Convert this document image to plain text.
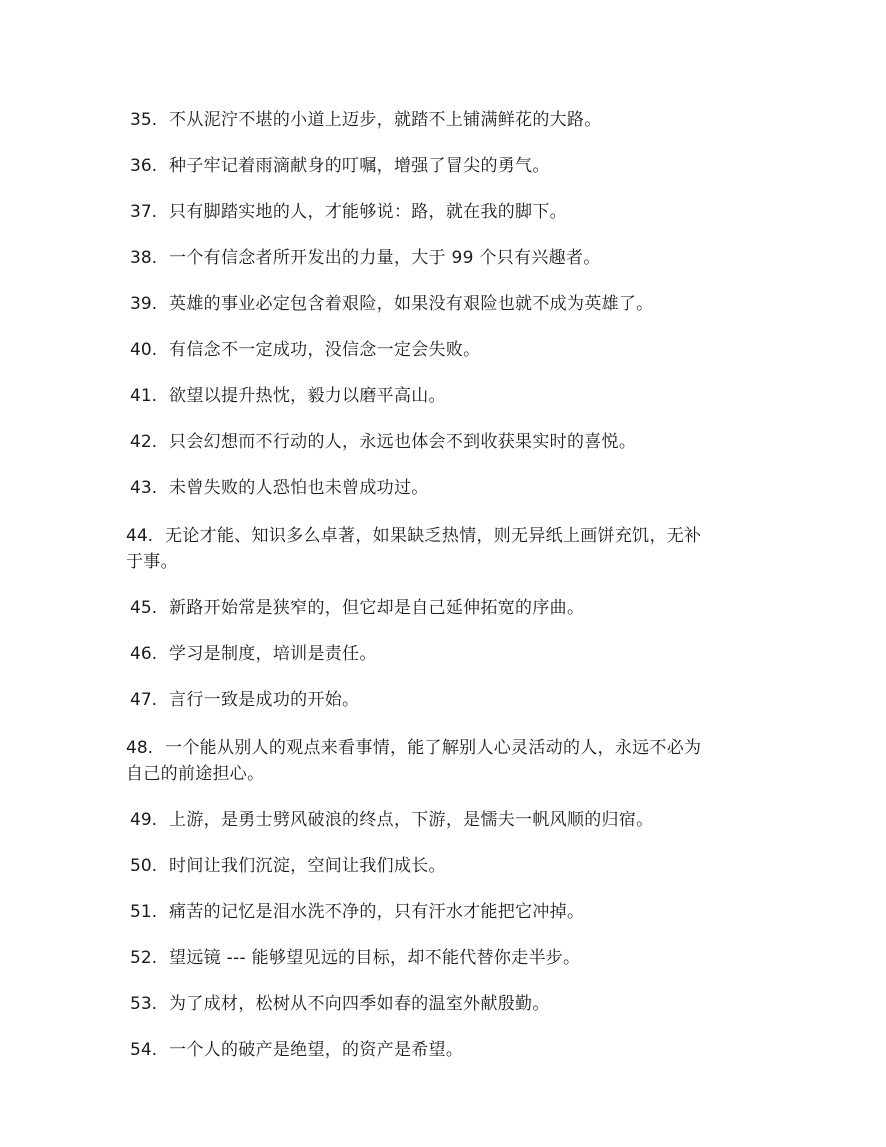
35. 不从泥泞不堪的小道上迈步，就踏不上铺满鲜花的大路。
36. 种子牢记着雨滴献身的叮嘱，增强了冒尖的勇气。
37. 只有脚踏实地的人，才能够说：路，就在我的脚下。
38. 一个有信念者所开发出的力量，大于 99 个只有兴趣者。
39. 英雄的事业必定包含着艰险，如果没有艰险也就不成为英雄了。
40. 有信念不一定成功，没信念一定会失败。
41. 欲望以提升热忱，毅力以磨平高山。
42. 只会幻想而不行动的人，永远也体会不到收获果实时的喜悦。
43. 未曾失败的人恐怕也未曾成功过。
44. 无论才能、知识多么卓著，如果缺乏热情，则无异纸上画饼充饥，无补于事。
45. 新路开始常是狭窄的，但它却是自己延伸拓宽的序曲。
46. 学习是制度，培训是责任。
47. 言行一致是成功的开始。
48. 一个能从别人的观点来看事情，能了解别人心灵活动的人，永远不必为自己的前途担心。
49. 上游，是勇士劈风破浪的终点，下游，是懦夫一帆风顺的归宿。
50. 时间让我们沉淀，空间让我们成长。
51. 痛苦的记忆是泪水洗不净的，只有汗水才能把它冲掉。
52. 望远镜 --- 能够望见远的目标，却不能代替你走半步。
53. 为了成材，松树从不向四季如春的温室外献殷勤。
54. 一个人的破产是绝望，的资产是希望。
